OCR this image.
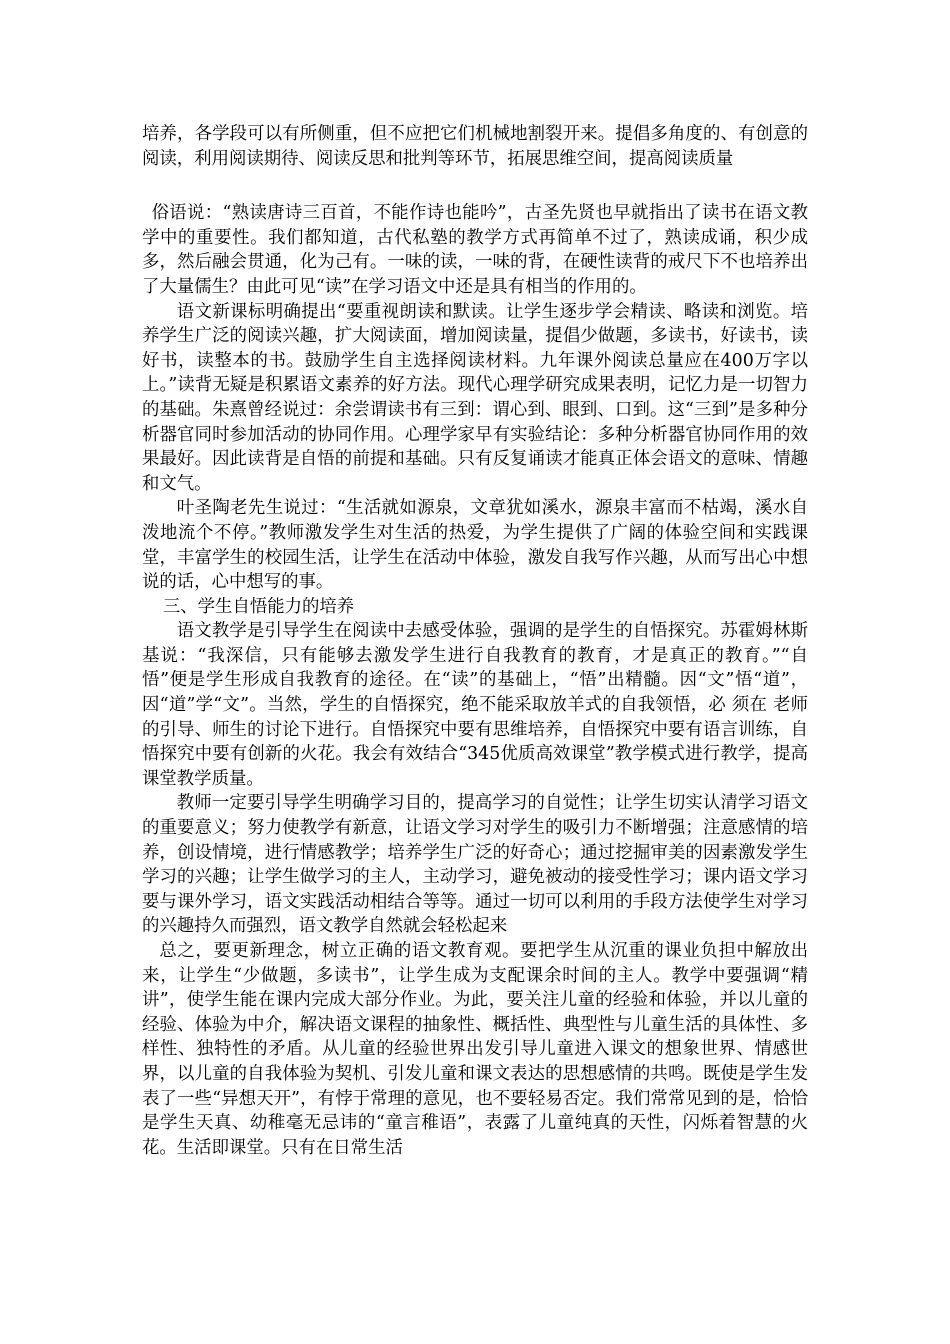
培养，各学段可以有所侧重，但不应把它们机械地割裂开来。提倡多角度的、有创意的阅读，利用阅读期待、阅读反思和批判等环节，拓展思维空间，提高阅读质量

俗语说：“熟读唐诗三百首，不能作诗也能吟”，古圣先贤也早就指出了读书在语文教学中的重要性。我们都知道，古代私塾的教学方式再简单不过了，熟读成诵，积少成多，然后融会贯通，化为己有。一味的读，一味的背，在硬性读背的戒尺下不也培养出了大量儒生？由此可见“读”在学习语文中还是具有相当的作用的。

语文新课标明确提出“要重视朗读和默读。让学生逐步学会精读、略读和浏览。培养学生广泛的阅读兴趣，扩大阅读面，增加阅读量，提倡少做题，多读书，好读书，读好书，读整本的书。鼓励学生自主选择阅读材料。九年课外阅读总量应在400万字以上。”读背无疑是积累语文素养的好方法。现代心理学研究成果表明，记忆力是一切智力的基础。朱熹曾经说过：余尝谓读书有三到：谓心到、眼到、口到。这“三到”是多种分析器官同时参加活动的协同作用。心理学家早有实验结论：多种分析器官协同作用的效果最好。因此读背是自悟的前提和基础。只有反复诵读才能真正体会语文的意味、情趣和文气。

叶圣陶老先生说过：“生活就如源泉，文章犹如溪水，源泉丰富而不枯竭，溪水自泼地流个不停。”教师激发学生对生活的热爱，为学生提供了广阔的体验空间和实践课堂，丰富学生的校园生活，让学生在活动中体验，激发自我写作兴趣，从而写出心中想说的话，心中想写的事。

三、学生自悟能力的培养

语文教学是引导学生在阅读中去感受体验，强调的是学生的自悟探究。苏霍姆林斯基说：“我深信，只有能够去激发学生进行自我教育的教育，才是真正的教育。”“自悟”便是学生形成自我教育的途径。在“读”的基础上，“悟”出精髓。因“文”悟“道”，因“道”学“文”。当然，学生的自悟探究，绝不能采取放羊式的自我领悟，必 须在 老师的引导、师生的讨论下进行。自悟探究中要有思维培养，自悟探究中要有语言训练，自悟探究中要有创新的火花。我会有效结合“345优质高效课堂”教学模式进行教学，提高课堂教学质量。

教师一定要引导学生明确学习目的，提高学习的自觉性；让学生切实认清学习语文的重要意义；努力使教学有新意，让语文学习对学生的吸引力不断增强；注意感情的培养，创设情境，进行情感教学；培养学生广泛的好奇心；通过挖掘审美的因素激发学生学习的兴趣；让学生做学习的主人，主动学习，避免被动的接受性学习；课内语文学习要与课外学习，语文实践活动相结合等等。通过一切可以利用的手段方法使学生对学习的兴趣持久而强烈，语文教学自然就会轻松起来

总之，要更新理念，树立正确的语文教育观。要把学生从沉重的课业负担中解放出来，让学生“少做题，多读书”，让学生成为支配课余时间的主人。教学中要强调“精讲”，使学生能在课内完成大部分作业。为此，要关注儿童的经验和体验，并以儿童的经验、体验为中介，解决语文课程的抽象性、概括性、典型性与儿童生活的具体性、多样性、独特性的矛盾。从儿童的经验世界出发引导儿童进入课文的想象世界、情感世界，以儿童的自我体验为契机、引发儿童和课文表达的思想感情的共鸣。既使是学生发表了一些“异想天开”，有悖于常理的意见，也不要轻易否定。我们常常见到的是，恰恰是学生天真、幼稚毫无忌讳的“童言稚语”，表露了儿童纯真的天性，闪烁着智慧的火花。生活即课堂。只有在日常生活
